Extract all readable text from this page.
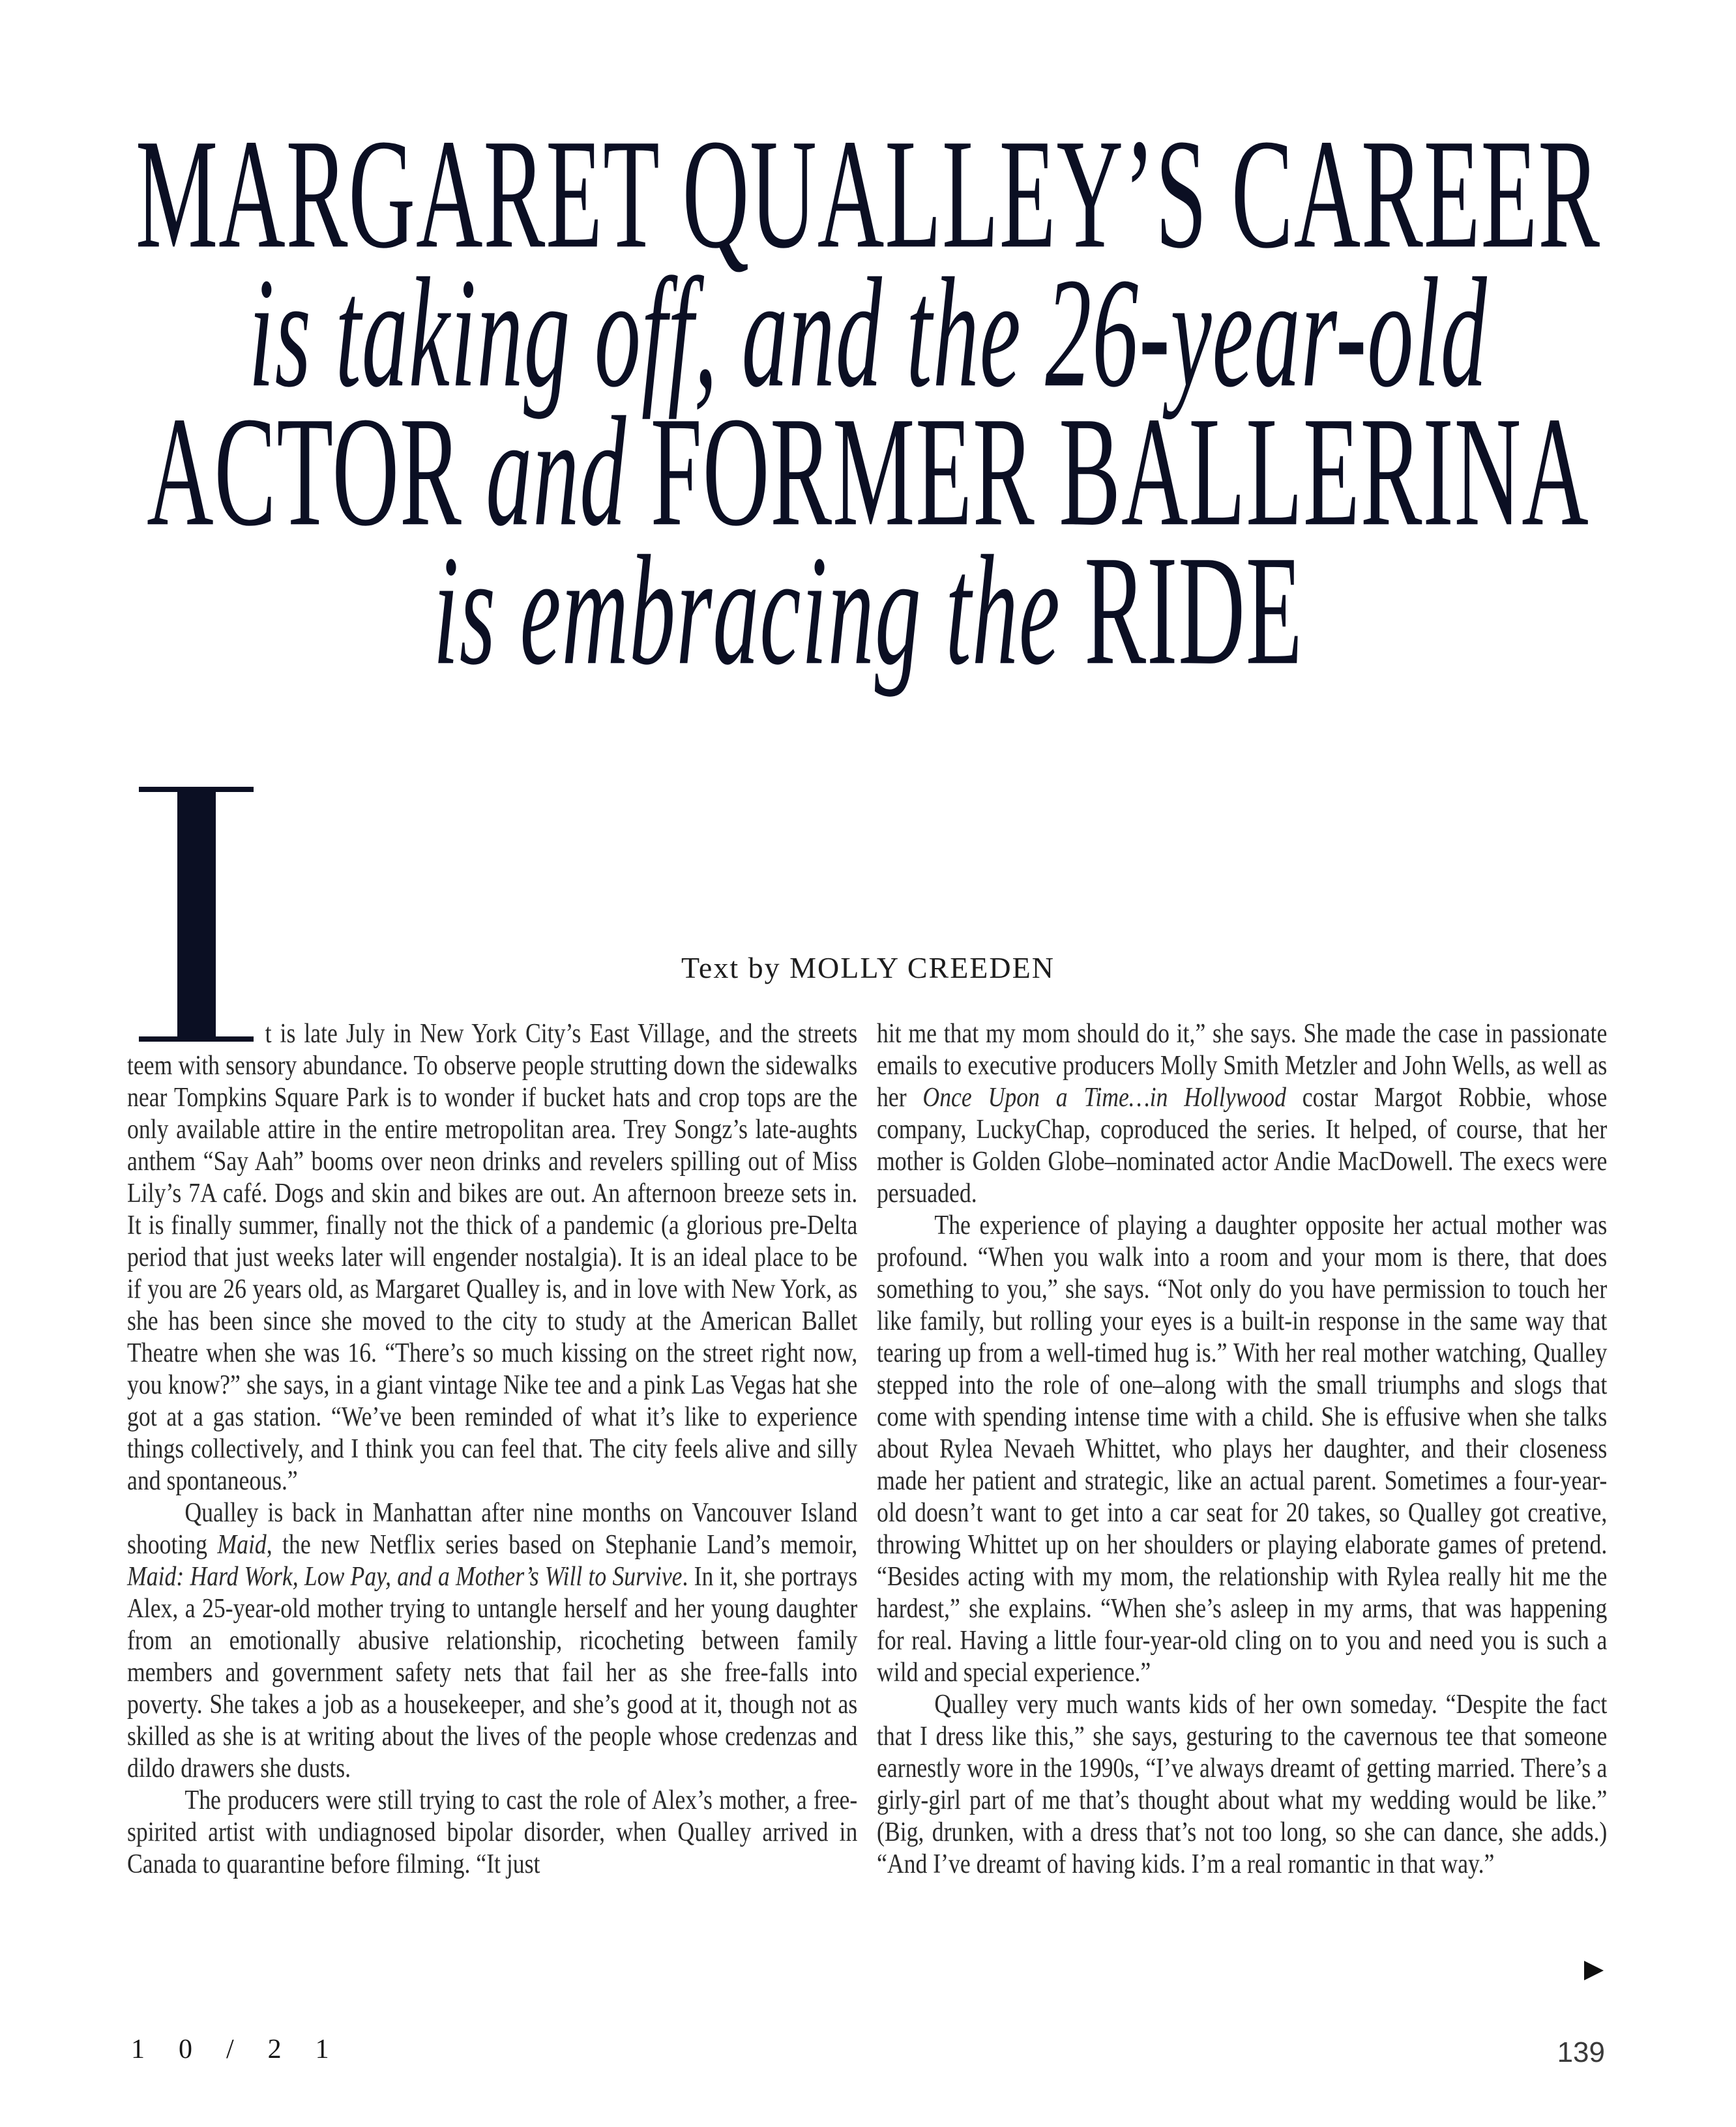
MARGARET QUALLEY’S CAREER
is taking off, and the 26-year-old
ACTOR and FORMER BALLERINA
is embracing the RIDE
Text by MOLLY CREEDEN

t is late July in New York City’s East Village, and the streets teem with sensory abundance. To observe people strutting down the sidewalks near Tompkins Square Park is to wonder if bucket hats and crop tops are the only available attire in the entire metropolitan area. Trey Songz’s late-aughts anthem “Say Aah” booms over neon drinks and revelers spilling out of Miss Lily’s 7A café. Dogs and skin and bikes are out. An afternoon breeze sets in. It is finally summer, finally not the thick of a pandemic (a glorious pre-Delta period that just weeks later will engender nostalgia). It is an ideal place to be if you are 26 years old, as Margaret Qualley is, and in love with New York, as she has been since she moved to the city to study at the American Ballet Theatre when she was 16. “There’s so much kissing on the street right now, you know?” she says, in a giant vintage Nike tee and a pink Las Vegas hat she got at a gas station. “We’ve been reminded of what it’s like to experience things collectively, and I think you can feel that. The city feels alive and silly and spontaneous.”

Qualley is back in Manhattan after nine months on Vancouver Island shooting Maid, the new Netflix series based on Stephanie Land’s memoir, Maid: Hard Work, Low Pay, and a Mother’s Will to Survive. In it, she portrays Alex, a 25-year-old mother trying to untangle herself and her young daughter from an emotionally abusive relationship, ricocheting between family members and government safety nets that fail her as she free-falls into poverty. She takes a job as a housekeeper, and she’s good at it, though not as skilled as she is at writing about the lives of the people whose credenzas and dildo drawers she dusts.

The producers were still trying to cast the role of Alex’s mother, a free-spirited artist with undiagnosed bipolar disorder, when Qualley arrived in Canada to quarantine before filming. “It just

hit me that my mom should do it,” she says. She made the case in passionate emails to executive producers Molly Smith Metzler and John Wells, as well as her Once Upon a Time…in Hollywood costar Margot Robbie, whose company, LuckyChap, coproduced the series. It helped, of course, that her mother is Golden Globe–nominated actor Andie MacDowell. The execs were persuaded.

The experience of playing a daughter opposite her actual mother was profound. “When you walk into a room and your mom is there, that does something to you,” she says. “Not only do you have permission to touch her like family, but rolling your eyes is a built-in response in the same way that tearing up from a well-timed hug is.” With her real mother watching, Qualley stepped into the role of one–along with the small triumphs and slogs that come with spending intense time with a child. She is effusive when she talks about Rylea Nevaeh Whittet, who plays her daughter, and their closeness made her patient and strategic, like an actual parent. Sometimes a four-year-old doesn’t want to get into a car seat for 20 takes, so Qualley got creative, throwing Whittet up on her shoulders or playing elaborate games of pretend. “Besides acting with my mom, the relationship with Rylea really hit me the hardest,” she explains. “When she’s asleep in my arms, that was happening for real. Having a little four-year-old cling on to you and need you is such a wild and special experience.”

Qualley very much wants kids of her own someday. “Despite the fact that I dress like this,” she says, gesturing to the cavernous tee that someone earnestly wore in the 1990s, “I’ve always dreamt of getting married. There’s a girly-girl part of me that’s thought about what my wedding would be like.” (Big, drunken, with a dress that’s not too long, so she can dance, she adds.) “And I’ve dreamt of having kids. I’m a real romantic in that way.”

10/21	139
